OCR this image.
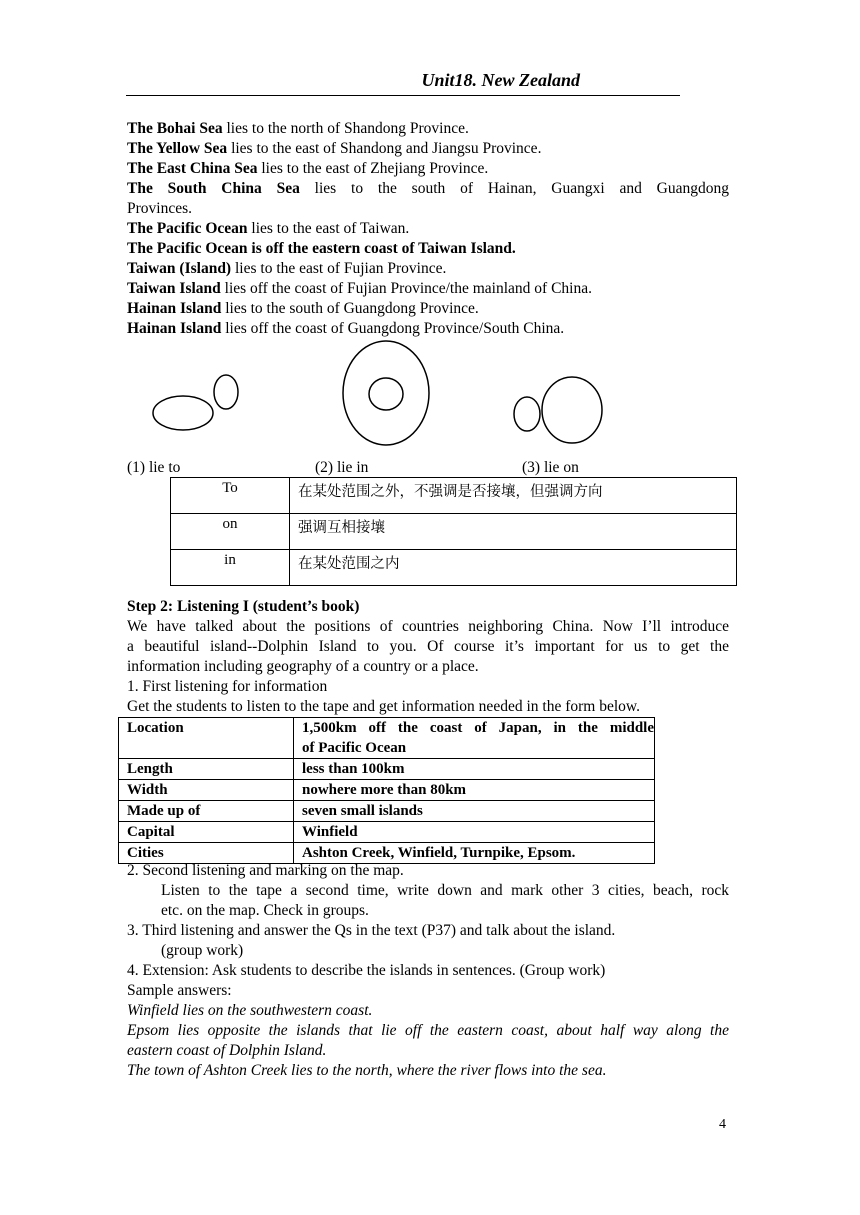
Unit18. New Zealand

The Bohai Sea lies to the north of Shandong Province.

The Yellow Sea lies to the east of Shandong and Jiangsu Province.

The East China Sea lies to the east of Zhejiang Province.

The South China Sea lies to the south of Hainan, Guangxi and Guangdong

Provinces.

The Pacific Ocean lies to the east of Taiwan.

The Pacific Ocean is off the eastern coast of Taiwan Island.

Taiwan (Island) lies to the east of Fujian Province.

Taiwan Island lies off the coast of Fujian Province/the mainland of China.

Hainan Island lies to the south of Guangdong Province.

Hainan Island lies off the coast of Guangdong Province/South China.

(1) lie to	(2) lie in	(3) lie on
To	在某处范围之外，不强调是否接壤，但强调方向
on	强调互相接壤
in	在某处范围之内

Step 2: Listening I (student’s book)

We have talked about the positions of countries neighboring China. Now I’ll introduce

a beautiful island--Dolphin Island to you. Of course it’s important for us to get the

information including geography of a country or a place.

1. First listening for information

Get the students to listen to the tape and get information needed in the form below.

Location	1,500km off the coast of Japan, in the middle
of Pacific Ocean

Length	less than 100km
Width	nowhere more than 80km
Made up of	seven small islands
Capital	Winfield
Cities	Ashton Creek, Winfield, Turnpike, Epsom.

2. Second listening and marking on the map.

Listen to the tape a second time, write down and mark other 3 cities, beach, rock

etc. on the map. Check in groups.

3. Third listening and answer the Qs in the text (P37) and talk about the island.

(group work)

4. Extension: Ask students to describe the islands in sentences. (Group work)

Sample answers:

Winfield lies on the southwestern coast.

Epsom lies opposite the islands that lie off the eastern coast, about half way along the

eastern coast of Dolphin Island.

The town of Ashton Creek lies to the north, where the river flows into the sea.

4
